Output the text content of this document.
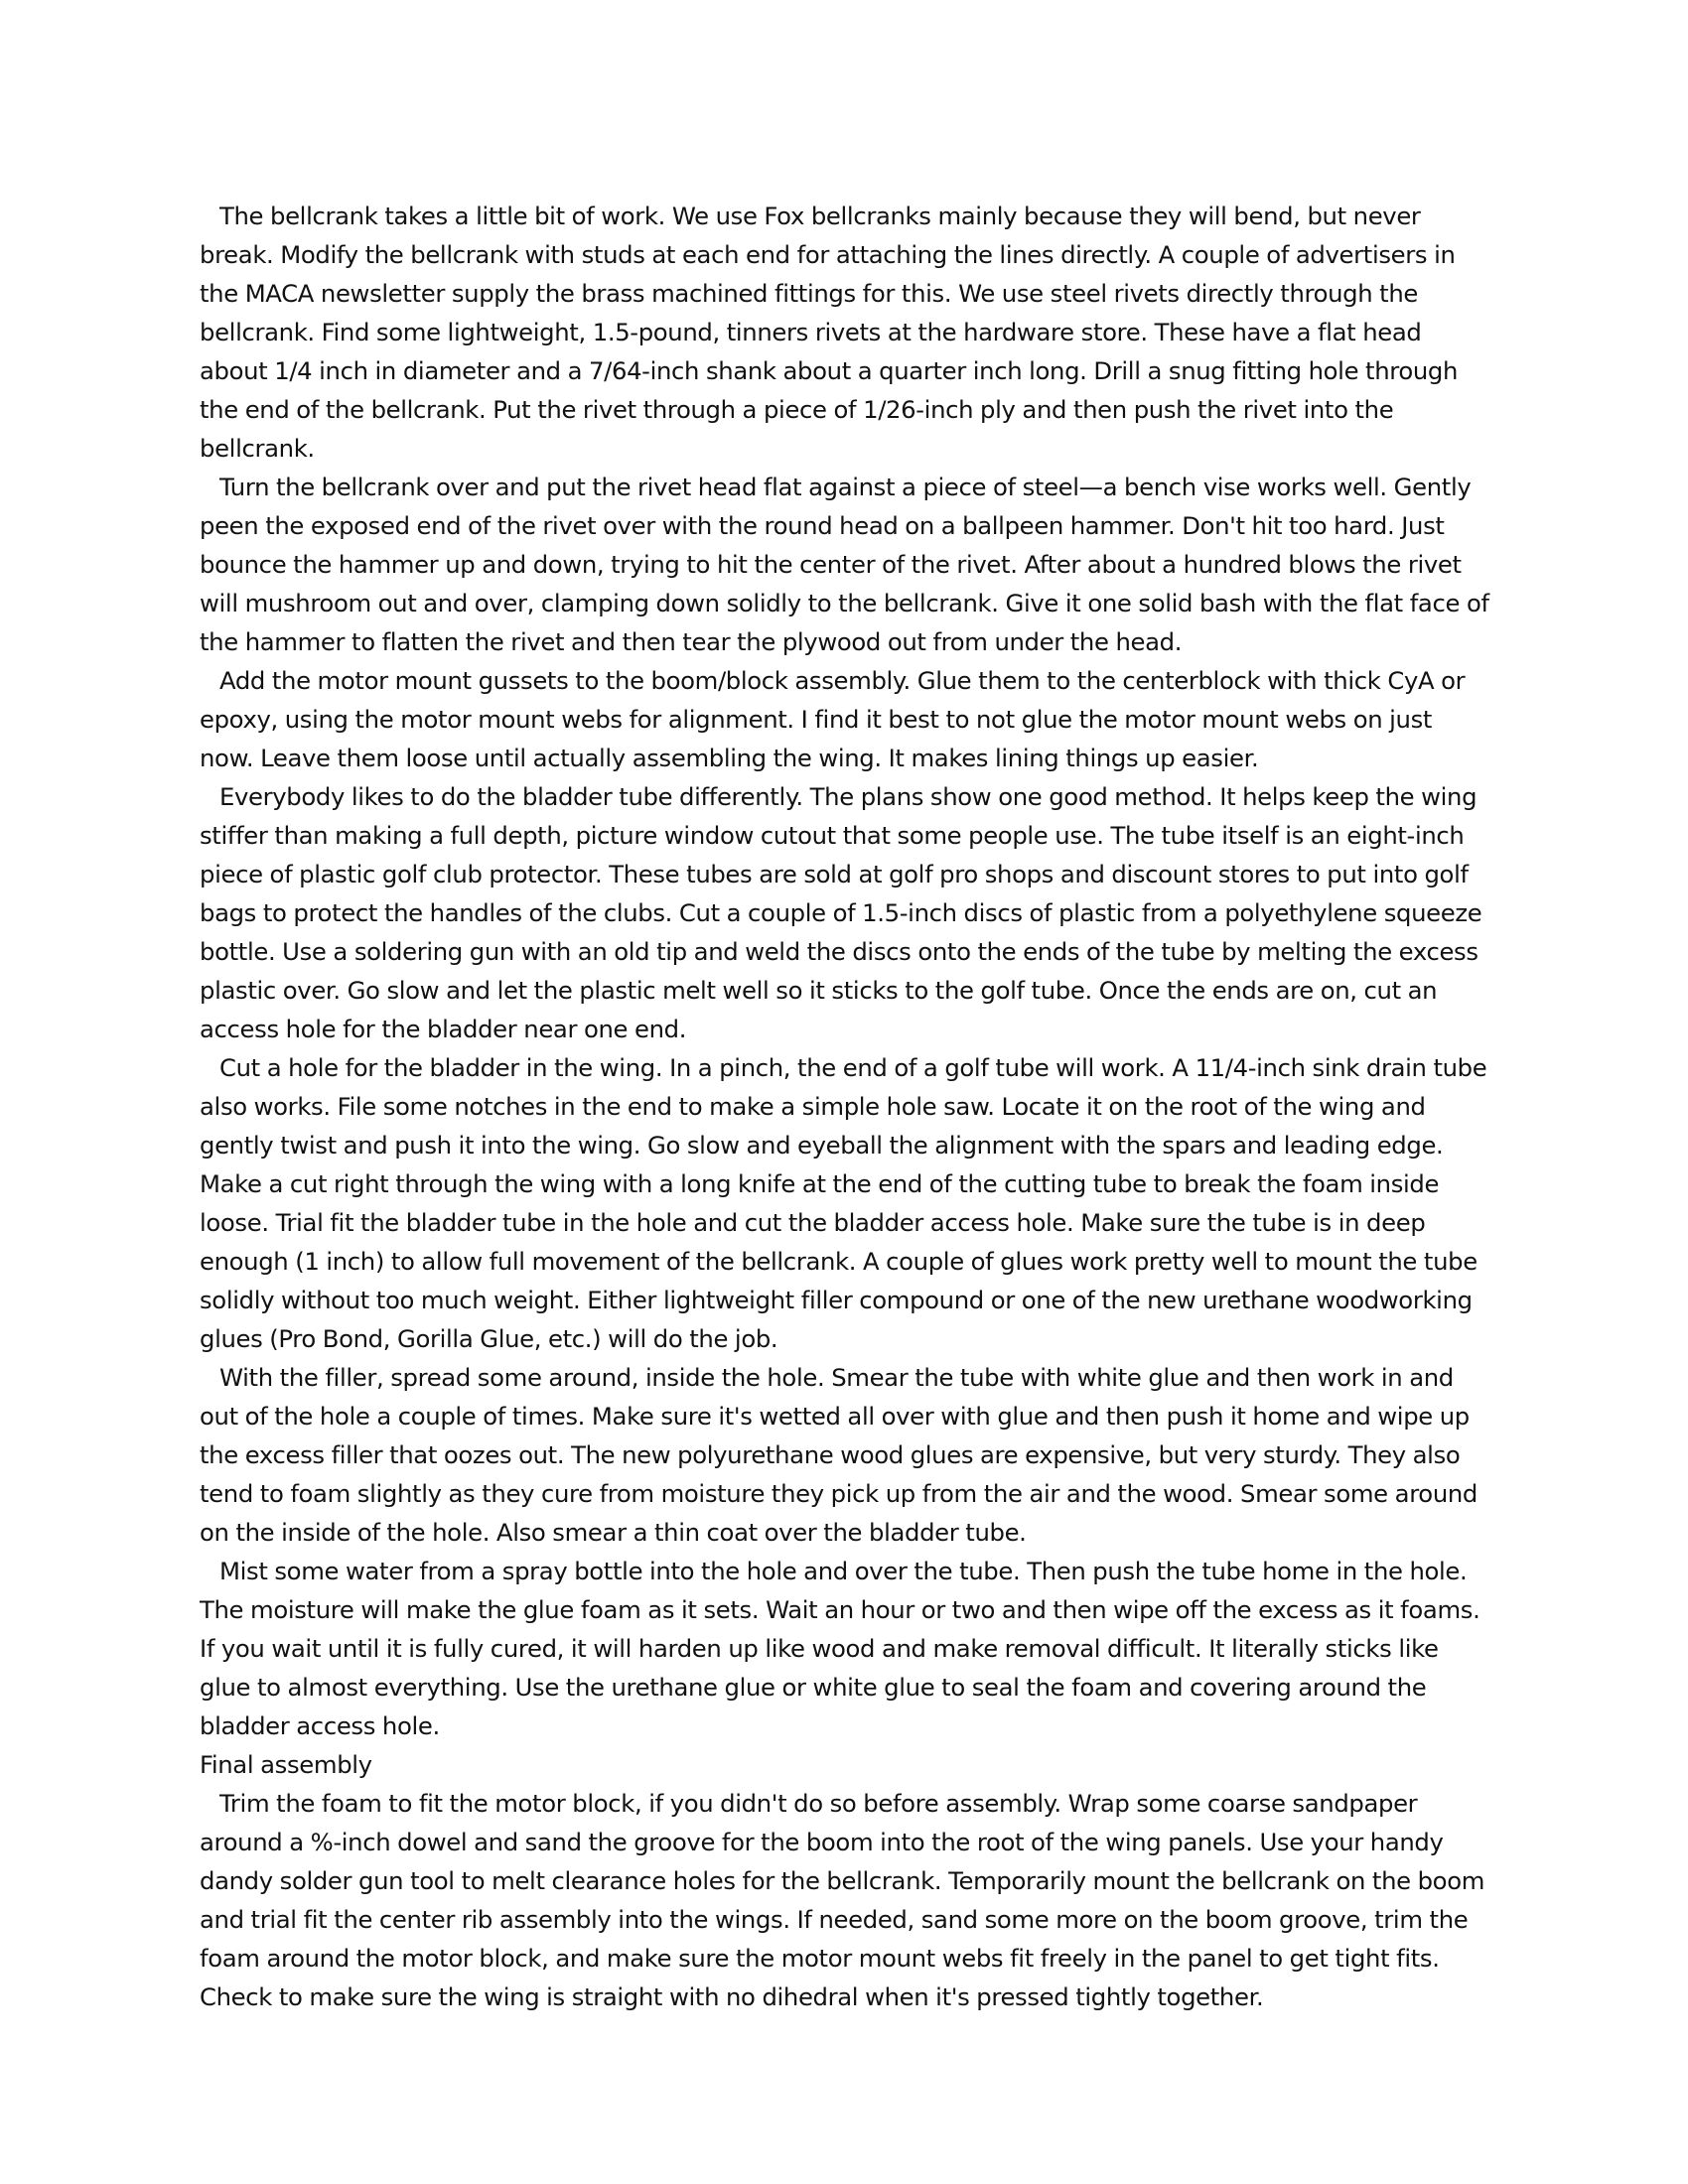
The bellcrank takes a little bit of work. We use Fox bellcranks mainly because they will bend, but never break. Modify the bellcrank with studs at each end for attaching the lines directly. A couple of advertisers in the MACA newsletter supply the brass machined fittings for this. We use steel rivets directly through the bellcrank. Find some lightweight, 1.5-pound, tinners rivets at the hardware store. These have a flat head about 1/4 inch in diameter and a 7/64-inch shank about a quarter inch long. Drill a snug fitting hole through the end of the bellcrank. Put the rivet through a piece of 1/26-inch ply and then push the rivet into the bellcrank.

Turn the bellcrank over and put the rivet head flat against a piece of steel—a bench vise works well. Gently peen the exposed end of the rivet over with the round head on a ballpeen hammer. Don't hit too hard. Just bounce the hammer up and down, trying to hit the center of the rivet. After about a hundred blows the rivet will mushroom out and over, clamping down solidly to the bellcrank. Give it one solid bash with the flat face of the hammer to flatten the rivet and then tear the plywood out from under the head.

Add the motor mount gussets to the boom/block assembly. Glue them to the centerblock with thick CyA or epoxy, using the motor mount webs for alignment. I find it best to not glue the motor mount webs on just now. Leave them loose until actually assembling the wing. It makes lining things up easier.

Everybody likes to do the bladder tube differently. The plans show one good method. It helps keep the wing stiffer than making a full depth, picture window cutout that some people use. The tube itself is an eight-inch piece of plastic golf club protector. These tubes are sold at golf pro shops and discount stores to put into golf bags to protect the handles of the clubs. Cut a couple of 1.5-inch discs of plastic from a polyethylene squeeze bottle. Use a soldering gun with an old tip and weld the discs onto the ends of the tube by melting the excess plastic over. Go slow and let the plastic melt well so it sticks to the golf tube. Once the ends are on, cut an access hole for the bladder near one end.

Cut a hole for the bladder in the wing. In a pinch, the end of a golf tube will work. A 11/4-inch sink drain tube also works. File some notches in the end to make a simple hole saw. Locate it on the root of the wing and gently twist and push it into the wing. Go slow and eyeball the alignment with the spars and leading edge. Make a cut right through the wing with a long knife at the end of the cutting tube to break the foam inside loose. Trial fit the bladder tube in the hole and cut the bladder access hole. Make sure the tube is in deep enough (1 inch) to allow full movement of the bellcrank. A couple of glues work pretty well to mount the tube solidly without too much weight. Either lightweight filler compound or one of the new urethane woodworking glues (Pro Bond, Gorilla Glue, etc.) will do the job.

With the filler, spread some around, inside the hole. Smear the tube with white glue and then work in and out of the hole a couple of times. Make sure it's wetted all over with glue and then push it home and wipe up the excess filler that oozes out. The new polyurethane wood glues are expensive, but very sturdy. They also tend to foam slightly as they cure from moisture they pick up from the air and the wood. Smear some around on the inside of the hole. Also smear a thin coat over the bladder tube.

Mist some water from a spray bottle into the hole and over the tube. Then push the tube home in the hole. The moisture will make the glue foam as it sets. Wait an hour or two and then wipe off the excess as it foams. If you wait until it is fully cured, it will harden up like wood and make removal difficult. It literally sticks like glue to almost everything. Use the urethane glue or white glue to seal the foam and covering around the bladder access hole.

Final assembly

Trim the foam to fit the motor block, if you didn't do so before assembly. Wrap some coarse sandpaper around a %-inch dowel and sand the groove for the boom into the root of the wing panels. Use your handy dandy solder gun tool to melt clearance holes for the bellcrank. Temporarily mount the bellcrank on the boom and trial fit the center rib assembly into the wings. If needed, sand some more on the boom groove, trim the foam around the motor block, and make sure the motor mount webs fit freely in the panel to get tight fits. Check to make sure the wing is straight with no dihedral when it's pressed tightly together.
